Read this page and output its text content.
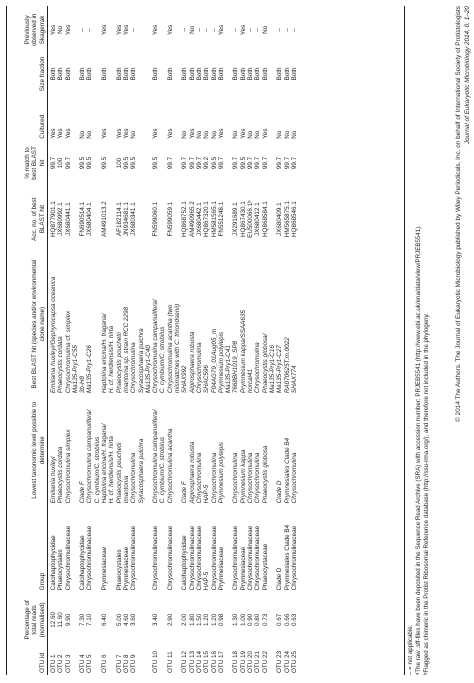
OTU id	Percentage of total reads (normalised)	Group	Lowest taxonomic level possible to determine	Best BLAST hit (species and/or environmental clone name)	Acc. no. of best BLAST hit	% match to best BLAST hit	Cultured	Size fraction	Previously observed in Skagerrak
OTU 1	12.60	Calcihaptophycidae	Emiliania huxleyi	Emiliania huxleyi/Gephyrocapsa oceanica	HQ877901.1	99.7	Yes	Both	Yes
OTU 2	11.60	Phaeocystales	Phaeocystis cordata	Phaeocystis cordata	JX680992.1	100	Yes	Both	No
OTU 3	9.90	Chrysochromulinaceae	Chrysochromulina simplex	Chrysochromulina cf. simplex	JX680441.1	99.7	Yes	Both	Yes
				Ma135-Pry1-C55					
OTU 4	7.30	Calcihaptophycidae	Clade F	3b-H8	FN690514.1	99.5	No	Both	–
OTU 5	7.10	Chrysochromulinaceae	Chrysochromulina campanulifera/	Ma135-Pry1-C26	JX680404.1	99.5	No	Both	–
			C. cymbium/C. strobilus						
OTU 6	6.40	Prymnesiaceae	Haptolina ericina/H. fragaria/	Haptolina ericina/H. fragaria/	AM491013.2	99.5	Yes	Both	Yes
			H. cf. herdlensis/H. hirta	H. cf. herdlensis/H. hirta					
OTU 7	5.00	Phaeocystales	Phaeocystis pouchetii	Phaeocystis pouchetii	AF182114.1	100	Yes	Both	Yes
OTU 8	4.60	Prymnesiaceae	Imantonia	Imantonia sp. strain RCC 2298	JN934681.1	99.5	Yes	Both	Yes
OTU 9	3.60	Chrysochromulinaceae	Chrysochromulina	Chrysochromulina	JX680341.1	99.5	No	Both	–
			Syracosphaera pulchra	Syracosphaera pulchra					
				Ma135-Pry1-C40					
OTU 10	3.40	Chrysochromulinaceae	Chrysochromulina campanulifera/	Chrysochromulina campanulifera/	FN599060.1	99.5	Yes	Both	Yes
			C. cymbium/C. strobilus	C. cymbium/C. strobilus					
OTU 11	2.90	Chrysochromulinaceae	Chrysochromulina acantha	Chrysochromulina acantha (two	FN599059.1	99.7	Yes	Both	Yes
				mismatches with C. throndsenii)					
OTU 12	2.00	Calcihaptophycidae	Clade F	SHAX992	HQ868752.1	99.7	No	Both	–
OTU 13	1.80	Chrysochromulinaceae	Algirosphaera robusta	Algirosphaera robusta	AM490965.2	99.7	Yes	Both	No
OTU 14	1.50	Chrysochromulinaceae	Chrysochromulina	Chrysochromulina	JX680442.1	99.7	No	Both	–
OTU 15	1.20	HAP-5	HAP-5	SHAC596	HQ867320.1	99.2	No	Both	–
OTU 16	1.20	Chrysochromulinaceae	Chrysochromulina	F04AG79_01Aug05_m	HM581565.1	99.5	No	Both	–
OTU 17	0.98	Prymnesiaceae	Prymnesium polylepis	Prymnesium polylepis	FN551248.1	99.7	Yes	Both	Yes
				Ma135-Pry1-C41					
OTU 18	1.30	Chrysochromulinaceae	Chrysochromulina	7668BH1019_SP8	JX291689.1	99.7	No	Both	–
OTU 19	1.00	Prymnesiaceae	Prymnesium kappa	Prymnesium kappa/SSAA635	HQ867430.1	99.5	Yes	Both	Yes
OTU 20	0.90	Chrysochromulinaceae	Chrysochromulina	horcal41	EU500066.1ᵇ	99.7	No	Both	–
OTU 21	0.80	Chrysochromulinaceae	Chrysochromulina	Chrysochromulina	JX680412.1	99.7	No	Both	–
OTU 22	0.73	Phaeocystaceae	Phaeocystis globosa	Phaeocystis globosa/	HQ868584.1	99.7	Yes	Both	No
				Ma135-Pry1-C16					
OTU 23	0.67	Clade D	Clade D	Ma135-Pry1-C27	JX680409.1	99.7	No	Both	–
OTU 24	0.66	Prymnesiales Clade B4	Prymnesiales Clade B4	RA070625T.m.0022	HM565875.1	99.7	No	Both	–
OTU 25	0.63	Chrysochromulinaceae	Chrysochromulina	SHAX774	HQ868546.1	99.7	No	Both	–
– = not applicable. ᵃThe raw .sff-files have been deposited in the Sequence Read Archive (SRA) with accession number: PRJEB5541 (http://www.ebi.ac.uk/ena/data/view/PRJEB5541). ᵇFlagged as chimeric in the Protist Ribosomal Reference database (http://ssu-rrna.org/), and therefore not included in the phylogeny.
© 2014 The Authors. The Journal of Eukaryotic Microbiology published by Wiley Periodicals, Inc. on behalf of International Society of Protistologists Journal of Eukaryotic Microbiology 2014, 0, 1–20
